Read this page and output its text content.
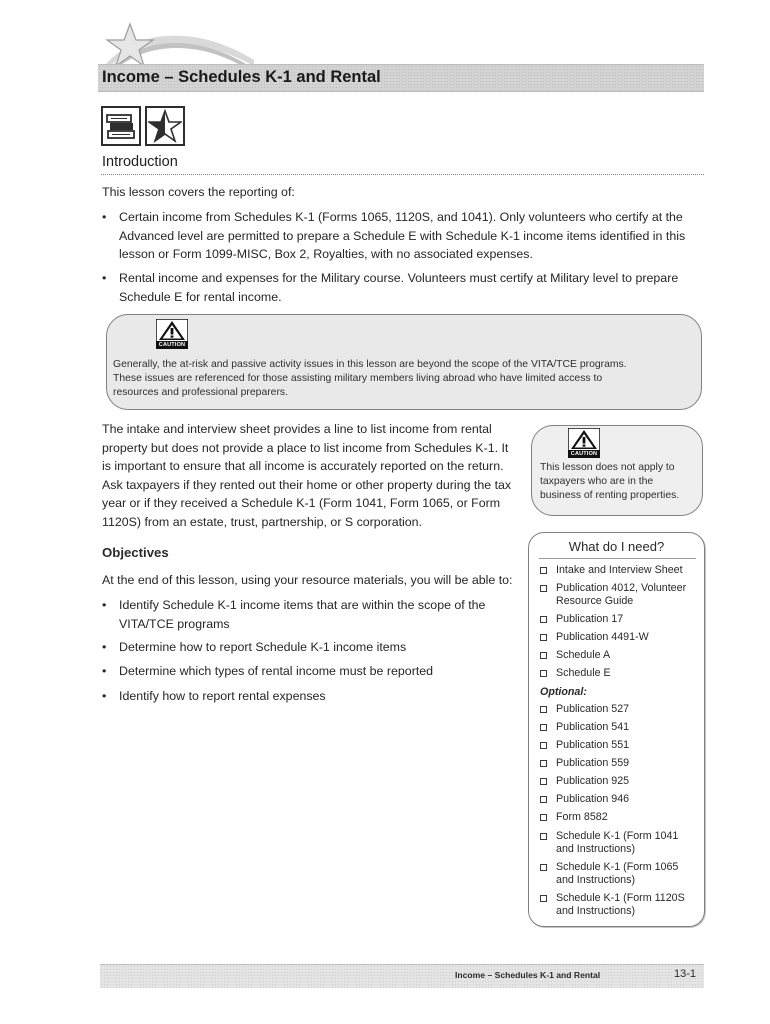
Income – Schedules K-1 and Rental
Introduction
This lesson covers the reporting of:
• Certain income from Schedules K-1 (Forms 1065, 1120S, and 1041). Only volunteers who certify at the
Advanced level are permitted to prepare a Schedule E with Schedule K-1 income items identified in this
lesson or Form 1099-MISC, Box 2, Royalties, with no associated expenses.
• Rental income and expenses for the Military course. Volunteers must certify at Military level to prepare
Schedule E for rental income.
CAUTION
Generally, the at-risk and passive activity issues in this lesson are beyond the scope of the VITA/TCE programs.
These issues are referenced for those assisting military members living abroad who have limited access to
resources and professional preparers.
The intake and interview sheet provides a line to list income from rental
property but does not provide a place to list income from Schedules K-1. It
is important to ensure that all income is accurately reported on the return.
Ask taxpayers if they rented out their home or other property during the tax
year or if they received a Schedule K-1 (Form 1041, Form 1065, or Form
1120S) from an estate, trust, partnership, or S corporation.
CAUTION
This lesson does not apply to
taxpayers who are in the
business of renting properties.
Objectives
At the end of this lesson, using your resource materials, you will be able to:
• Identify Schedule K-1 income items that are within the scope of the
VITA/TCE programs
• Determine how to report Schedule K-1 income items
• Determine which types of rental income must be reported
• Identify how to report rental expenses
What do I need?
Intake and Interview Sheet
Publication 4012, Volunteer
Resource Guide
Publication 17
Publication 4491-W
Schedule A
Schedule E
Optional:
Publication 527
Publication 541
Publication 551
Publication 559
Publication 925
Publication 946
Form 8582
Schedule K-1 (Form 1041
and Instructions)
Schedule K-1 (Form 1065
and Instructions)
Schedule K-1 (Form 1120S
and Instructions)
Income – Schedules K-1 and Rental	13-1
